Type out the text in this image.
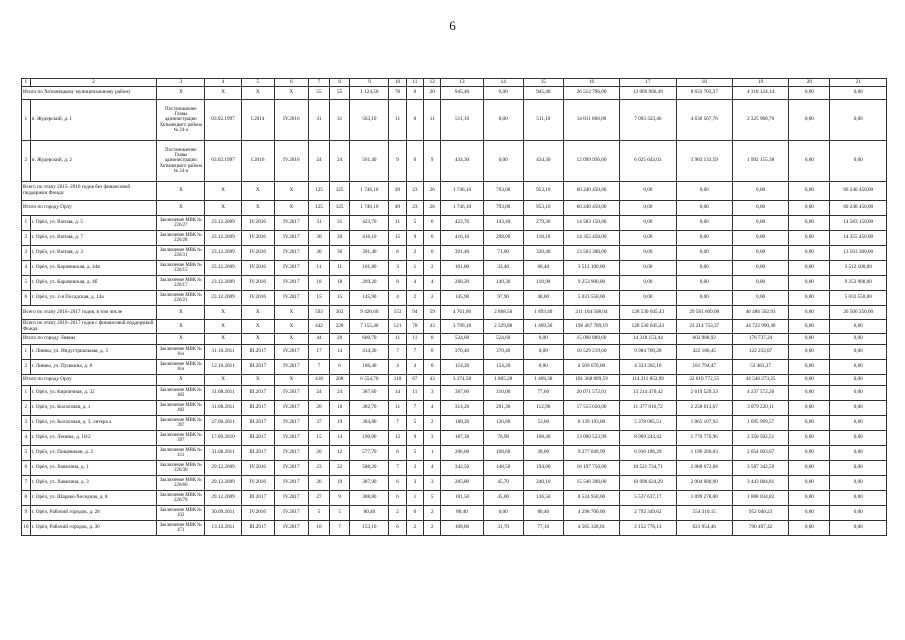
6
1	2	3	4	5	6	7	8	9	10	11	12	13	14	15	16	17	18	19	20	21
Итого по Хотынецкому муниципальному району		X	X	X	X	55	55	1 124,50	70	0	20	945,40	0,00	945,40	26 512 796,00	13 069 966,49	8 633 703,37	4 318 124,14	0,00	0,00
1	п. Жудерский, д. 1	Постановление Главы администрации Хотынецкого района № 24-а	03.02.1997	I.2014	IV.2016	31	31	563,10	11	0	11	511,10	0,00	511,10	14 011 860,00	7 093 323,46	4 630 567,76	2 325 968,76	0,00	0,00
2	п. Жудерский, д. 2	Постановление Главы администрации Хотынецкого района № 24-а	03.02.1997	I.2016	IV.2016	24	24	561,40	9	0	9	434,30	0,00	434,30	12 099 936,00	6 025 643,03	3 983 133,59	1 992 155,38	0,00	0,00
Всего по этапу 2015–2016 годов без финансовой поддержки Фонда:		X	X	X	X	125	125	1 746,10	49	23	26	1 746,10	793,00	953,10	60 240 450,00	0,00	0,00	0,00	0,00	60 240 450,00
Итого по городу Орлу		X	X	X	X	125	125	1 746,10	49	23	26	1 746,10	793,00	953,10	60 240 450,00	0,00	0,00	0,00	0,00	60 240 450,00
1	г. Орёл, ул. Ватная, д. 5	Заключение МВК № 226/27	23.12.2009	IV.2016	IV.2017	31	31	423,70	11	5	6	422,70	143,40	279,30	14 583 150,00	0,00	0,00	0,00	0,00	14 583 150,00
2	г. Орёл, ул. Ватная, д. 7	Заключение МВК № 226/28	23.12.2009	IV.2016	IV.2017	30	30	416,10	15	9	6	416,10	298,00	118,10	14 355 450,00	0,00	0,00	0,00	0,00	14 355 450,00
3	г. Орёл, ул. Ватная, д. 3	Заключение МВК № 226/31	23.12.2009	IV.2016	IV.2017	30	30	391,40	8	2	6	391,40	71,00	320,40	13 503 300,00	0,00	0,00	0,00	0,00	13 503 300,00
4	г. Орёл, ул. Карачевская, д. 44в	Заключение МВК № 226/15	23.12.2009	IV.2016	IV.2017	11	11	101,80	3	1	2	101,80	33,40	68,40	3 512 100,00	0,00	0,00	0,00	0,00	3 512 100,00
5	г. Орёл, ул. Карачевская, д. 4б	Заключение МВК № 226/17	23.12.2009	IV.2016	IV.2017	18	18	269,20	8	4	4	268,20	149,30	118,90	9 253 900,00	0,00	0,00	0,00	0,00	9 253 900,00
6	г. Орёл, ул. 2-я Посадская, д. 14а	Заключение МВК № 226/21	23.12.2009	IV.2016	IV.2017	15	15	145,90	4	2	2	145,90	97,90	48,00	5 033 550,00	0,00	0,00	0,00	0,00	5 033 550,00
Всего по этапу 2016–2017 годов, в том числе		X	X	X	X	593	302	9 426,60	153	94	59	4 761,90	2 868,50	1 893,40	211 104 508,04	128 530 045,43	29 581 609,68	46 486 502,93	0,00	26 506 350,00
Всего по этапу 2016–2017 годов с финансовой поддержкой Фонда		X	X	X	X	442	228	7 155,40	121	78	43	3 799,18	2 329,88	1 469,30	196 467 789,19	128 530 045,43	23 214 753,37	44 722 990,49	0,00	0,00
Итого по городу Ливны		X	X	X	X	44	20	600,70	11	11	0	524,60	524,60	0,00	15 098 889,60	14 318 153,44	603 988,92	176 737,24	0,00	0,00
1	г. Ливны, ул. Индустриальная, д. 3	Заключение МВК № 6/н	31.10.2011	III.2017	IV.2017	17	14	414,30	7	7	0	370,40	370,40	0,00	10 529 219,60	9 984 709,28	422 186,45	122 233,87	0,00	0,00
2	г. Ливны, ул. Пушкина, д. 8	Заключение МВК № 6/н	12.10.2011	III.2017	IV.2017	7	6	186,40	4	4	0	154,20	154,20	0,00	4 569 670,00	4 333 392,16	181 794,47	53 483,37	0,00	0,00
Итого по городу Орлу		X	X	X	X	418	208	6 554,70	110	67	43	3 274,58	1 805,28	1 469,30	181 368 899,59	114 211 853,99	22 610 772,55	44 546 273,25	0,00	0,00
1	г. Орёл, ул. Кирпичная, д. 32	Заключение МВК № 402	31.08.2011	III.2017	IV.2017	24	24	387,60	14	11	3	387,60	310,00	77,60	20 071 572,01	13 214 470,42	2 619 529,33	4 237 572,26	0,00	0,00
2	г. Орёл, ул. Колхозная, д. 1	Заключение МВК № 402	31.08.2011	III.2017	IV.2017	20	18	382,70	11	7	4	314,20	201,30	112,90	17 515 650,00	11 377 816,72	2 258 613,67	3 879 220,11	0,00	0,00
3	г. Орёл, ул. Колхозная, д. 3, литера а	Заключение МВК № 397	27.06.2011	III.2017	IV.2017	37	19	384,80	7	5	2	180,20	126,60	53,60	8 139 193,00	5 378 085,51	1 065 107,92	1 695 999,57	0,00	0,00
4	г. Орёл, ул. Ленина, д. 10/2	Заключение МВК № 397	17.09.2010	III.2017	IV.2017	15	14	190,00	12	9	3	187,38	78,98	108,40	13 090 523,99	8 969 243,42	1 770 776,96	2 350 502,51	0,00	0,00
5	г. Орёл, ул. Пищевиков, д. 2	Заключение МВК № 411	31.08.2011	III.2017	IV.2017	20	12	577,70	6	5	1	206,60	168,60	38,00	9 277 049,99	6 936 186,29	1 196 260,03	2 054 603,67	0,00	0,00
6	г. Орёл, ул. Ховелина, д. 1	Заключение МВК № 226/30	29.12.2009	IV.2016	IV.2017	23	22	588,20	7	3	4	342,50	148,50	194,00	16 197 750,00	10 521 734,71	2 088 672,68	3 587 342,59	0,00	0,00
7	г. Орёл, ул. Ховелина, д. 3	Заключение МВК № 226/60	29.12.2009	IV.2016	IV.2017	26	19	387,90	6	3	3	285,80	45,70	240,10	15 546 390,00	10 098 624,29	2 004 680,90	3 443 084,81	0,00	0,00
8	г. Орёл, ул. Шарако-Хоседная, д. 8	Заключение МВК № 226/78	29.12.2009	III.2017	IV.2017	27	9	388,80	6	1	5	181,50	45,00	136,50	8 524 950,00	5 537 637,17	1 099 278,00	1 888 034,82	0,00	0,00
9	г. Орёл, Рабочий городок, д. 28	Заключение МВК № 432	30.09.2011	IV.2016	IV.2017	5	5	80,40	2	0	2	80,40	0,00	80,40	4 298 700,00	2 792 349,62	554 310,15	952 040,23	0,00	0,00
10	г. Орёл, Рабочий городок, д. 36	Заключение МВК № 471	13.12.2011	III.2017	IV.2017	10	7	153,10	6	2	2	108,80	31,70	77,10	4 565 328,01	2 152 776,13	621 954,46	790 497,42	0,00	0,00
